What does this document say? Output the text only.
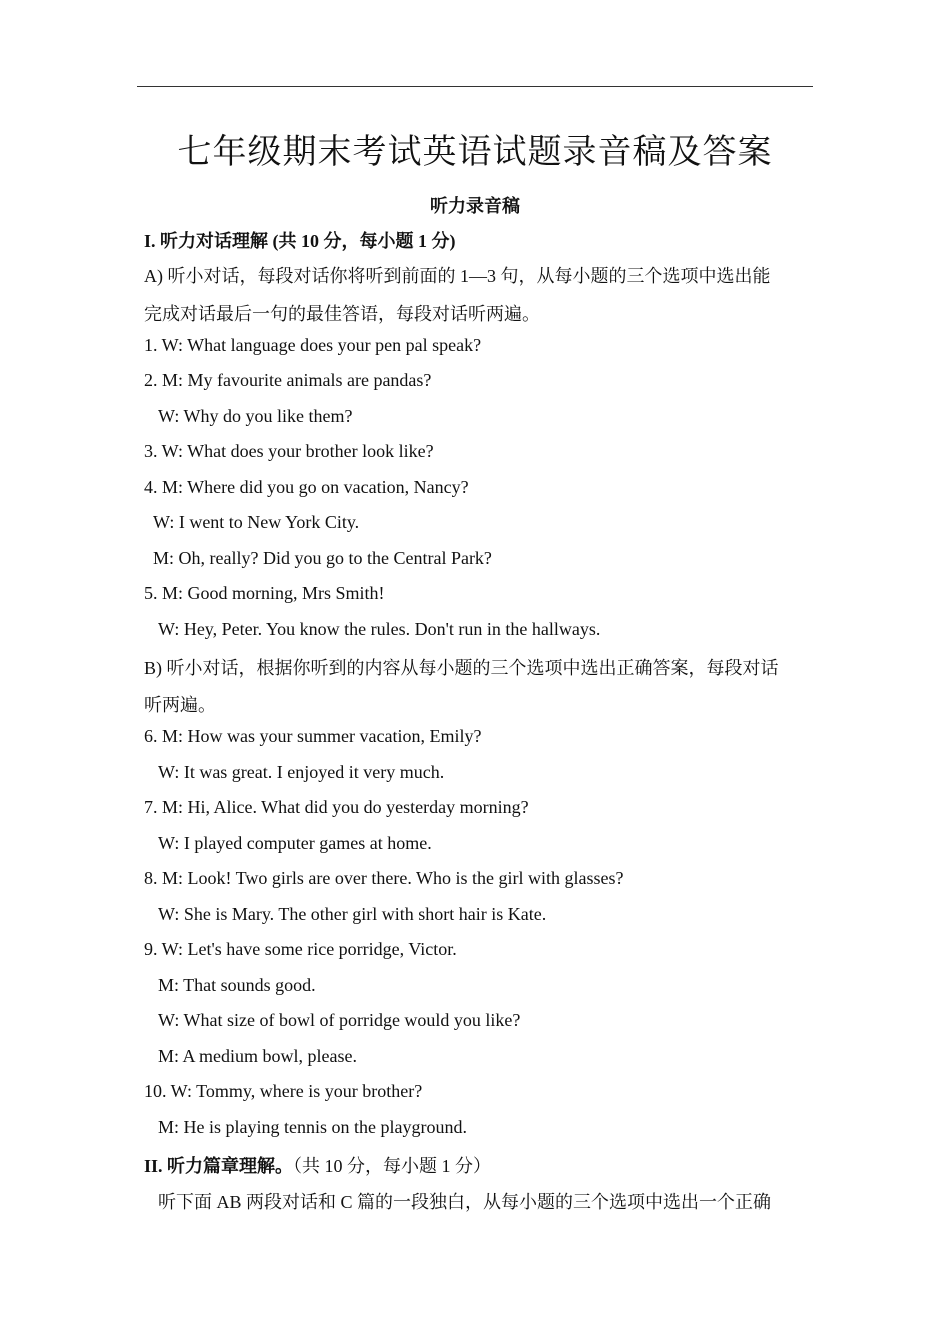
七年级期末考试英语试题录音稿及答案
听力录音稿
I. 听力对话理解 (共 10 分，每小题 1 分)
A) 听小对话，每段对话你将听到前面的 1—3 句，从每小题的三个选项中选出能
完成对话最后一句的最佳答语，每段对话听两遍。
1. W: What language does your pen pal speak?
2. M: My favourite animals are pandas?
W: Why do you like them?
3. W: What does your brother look like?
4. M: Where did you go on vacation, Nancy?
W: I went to New York City.
M: Oh, really? Did you go to the Central Park?
5. M: Good morning, Mrs Smith!
W: Hey, Peter. You know the rules. Don't run in the hallways.
B) 听小对话，根据你听到的内容从每小题的三个选项中选出正确答案，每段对话
听两遍。
6. M: How was your summer vacation, Emily?
W: It was great. I enjoyed it very much.
7. M: Hi, Alice. What did you do yesterday morning?
W: I played computer games at home.
8. M: Look! Two girls are over there. Who is the girl with glasses?
W: She is Mary. The other girl with short hair is Kate.
9. W: Let's have some rice porridge, Victor.
M: That sounds good.
W: What size of bowl of porridge would you like?
M: A medium bowl, please.
10. W: Tommy, where is your brother?
M: He is playing tennis on the playground.
II. 听力篇章理解。（共 10 分，每小题 1 分）
听下面 AB 两段对话和 C 篇的一段独白，从每小题的三个选项中选出一个正确
